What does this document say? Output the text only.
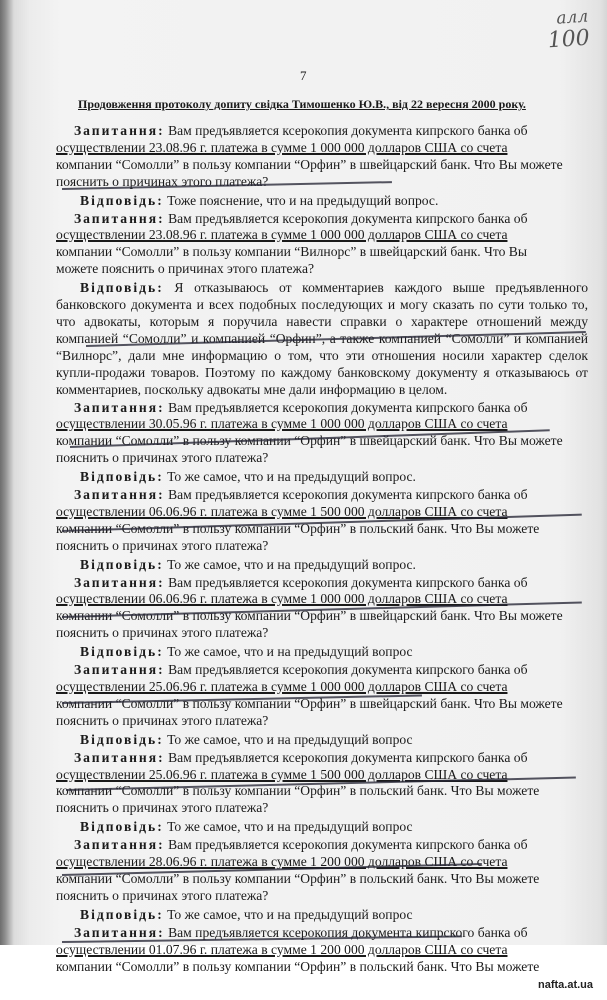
алл
100
7
Продовження протоколу допиту свідка Тимошенко Ю.В., від 22 вересня 2000 року.
Запитання: Вам предъявляется ксерокопия документа кипрского банка об
осуществлении 23.08.96 г. платежа в сумме 1 000 000 долларов США со счета
компании “Сомолли” в пользу компании “Орфин” в швейцарский банк. Что Вы можете
пояснить о причинах этого платежа?
Відповідь: Тоже пояснение, что и на предыдущий вопрос.
Запитання: Вам предъявляется ксерокопия документа кипрского банка об
осуществлении 23.08.96 г. платежа в сумме 1 000 000 долларов США со счета
компании “Сомолли” в пользу компании “Вилнорс” в швейцарский банк. Что Вы
можете пояснить о причинах этого платежа?
Відповідь: Я отказываюсь от комментариев каждого выше предъявленного банковского документа и всех подобных последующих и могу сказать по сути только то, что адвокаты, которым я поручила навести справки о характере отношений между компанией “Сомолли” и компанией “Орфин”, а также компанией “Сомолли” и компанией “Вилнорс”, дали мне информацию о том, что эти отношения носили характер сделок купли-продажи товаров. Поэтому по каждому банковскому документу я отказываюсь от комментариев, поскольку адвокаты мне дали информацию в целом.
Запитання: Вам предъявляется ксерокопия документа кипрского банка об
осуществлении 30.05.96 г. платежа в сумме 1 000 000 долларов США со счета
компании “Сомолли” в пользу компании “Орфин” в швейцарский банк. Что Вы можете
пояснить о причинах этого платежа?
Відповідь: То же самое, что и на предыдущий вопрос.
Запитання: Вам предъявляется ксерокопия документа кипрского банка об
осуществлении 06.06.96 г. платежа в сумме 1 500 000 долларов США со счета
компании “Сомолли” в пользу компании “Орфин” в польский банк. Что Вы можете
пояснить о причинах этого платежа?
Відповідь: То же самое, что и на предыдущий вопрос.
Запитання: Вам предъявляется ксерокопия документа кипрского банка об
осуществлении 06.06.96 г. платежа в сумме 1 000 000 долларов США со счета
компании “Сомолли” в пользу компании “Орфин” в швейцарский банк. Что Вы можете
пояснить о причинах этого платежа?
Відповідь: То же самое, что и на предыдущий вопрос
Запитання: Вам предъявляется ксерокопия документа кипрского банка об
осуществлении 25.06.96 г. платежа в сумме 1 000 000 долларов США со счета
компании “Сомолли” в пользу компании “Орфин” в швейцарский банк. Что Вы можете
пояснить о причинах этого платежа?
Відповідь: То же самое, что и на предыдущий вопрос
Запитання: Вам предъявляется ксерокопия документа кипрского банка об
осуществлении 25.06.96 г. платежа в сумме 1 500 000 долларов США со счета
компании “Сомолли” в пользу компании “Орфин” в польский банк. Что Вы можете
пояснить о причинах этого платежа?
Відповідь: То же самое, что и на предыдущий вопрос
Запитання: Вам предъявляется ксерокопия документа кипрского банка об
осуществлении 28.06.96 г. платежа в сумме 1 200 000 долларов США со счета
компании “Сомолли” в пользу компании “Орфин” в польский банк. Что Вы можете
пояснить о причинах этого платежа?
Відповідь: То же самое, что и на предыдущий вопрос
Запитання: Вам предъявляется ксерокопия документа кипрского банка об
осуществлении 01.07.96 г. платежа в сумме 1 200 000 долларов США со счета
компании “Сомолли” в пользу компании “Орфин” в польский банк. Что Вы можете
nafta.at.ua
